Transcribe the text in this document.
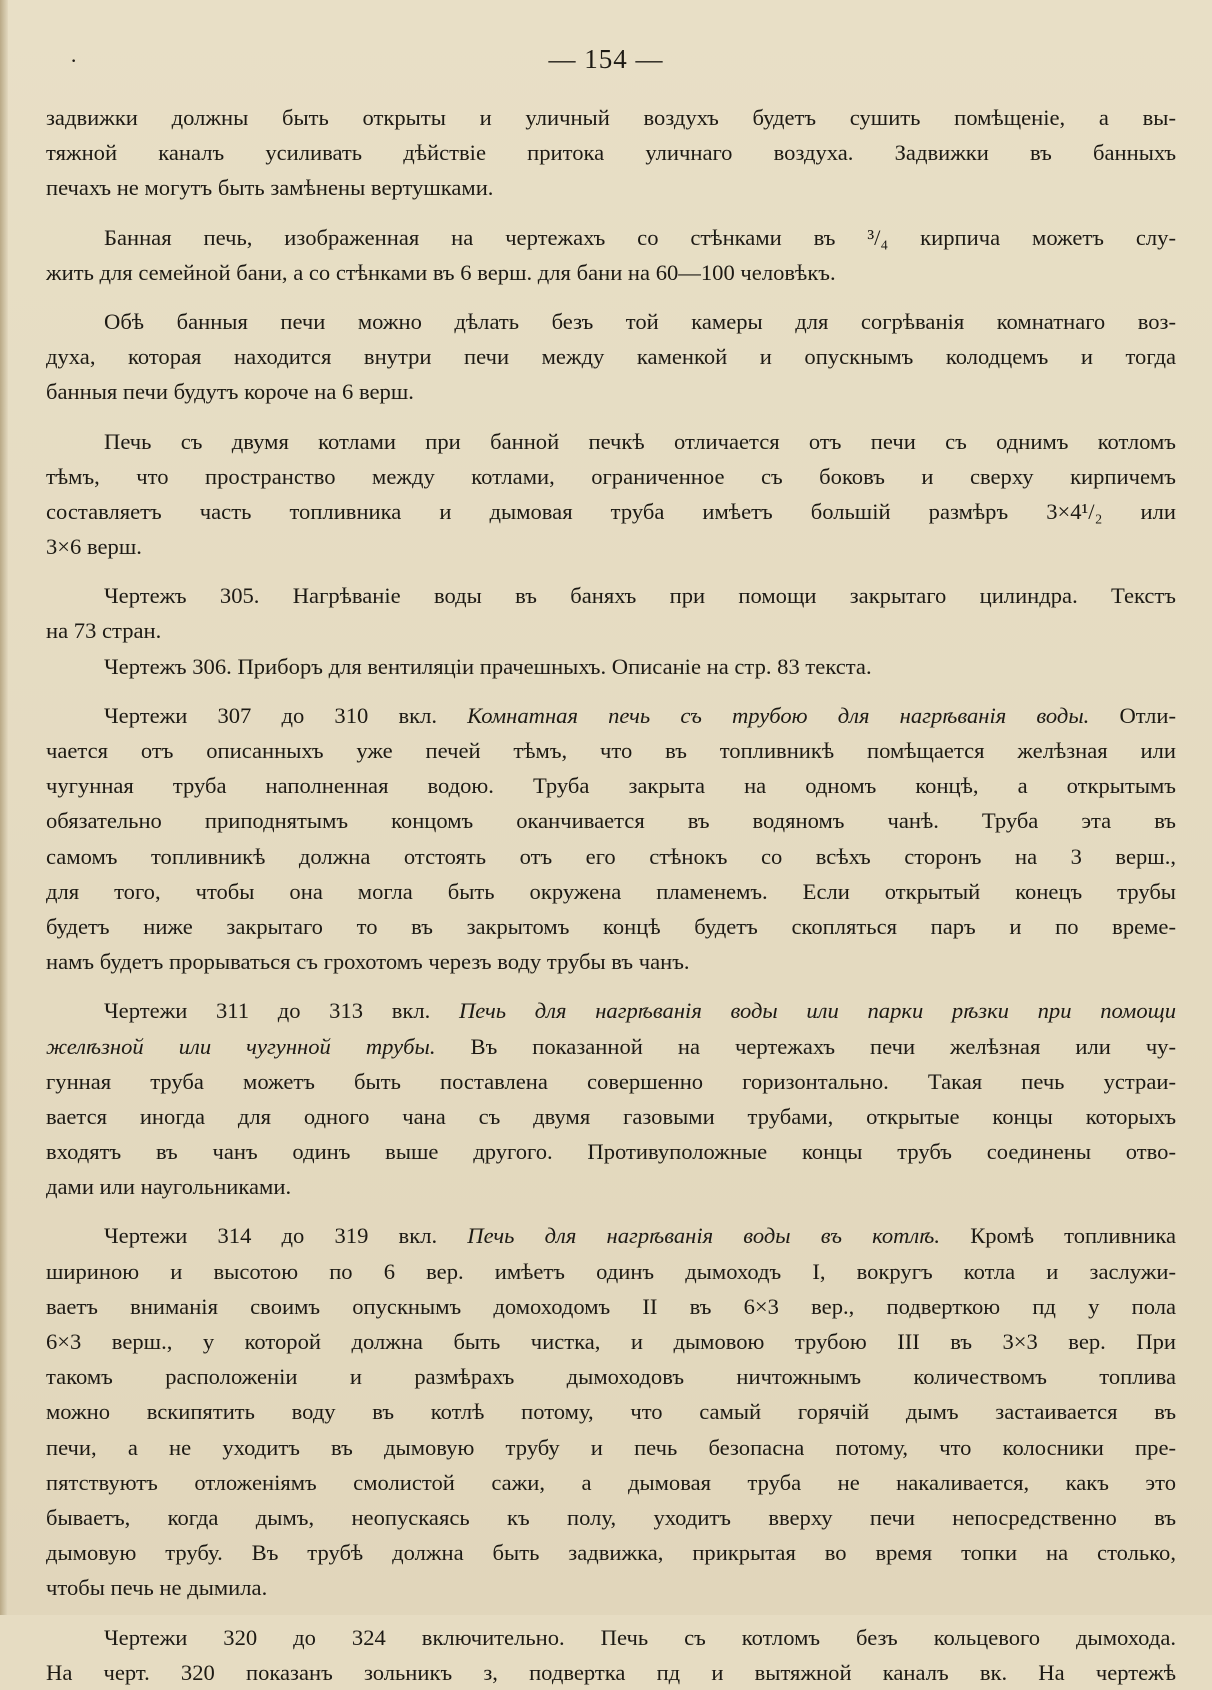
·	— 154 —
задвижки должны быть открыты и уличный воздухъ будетъ сушить помѣщеніе, а вы-
тяжной каналъ усиливать дѣйствіе притока уличнаго воздуха. Задвижки въ банныхъ
печахъ не могутъ быть замѣнены вертушками.
Банная печь, изображенная на чертежахъ со стѣнками въ ³/₄ кирпича можетъ слу-
жить для семейной бани, а со стѣнками въ 6 верш. для бани на 60—100 человѣкъ.
Обѣ банныя печи можно дѣлать безъ той камеры для согрѣванія комнатнаго воз-
духа, которая находится внутри печи между каменкой и опускнымъ колодцемъ и тогда
банныя печи будутъ короче на 6 верш.
Печь съ двумя котлами при банной печкѣ отличается отъ печи съ однимъ котломъ
тѣмъ, что пространство между котлами, ограниченное съ боковъ и сверху кирпичемъ
составляетъ часть топливника и дымовая труба имѣетъ большій размѣръ 3×4¹/₂ или
3×6 верш.
Чертежъ 305. Нагрѣваніе воды въ баняхъ при помощи закрытаго цилиндра. Текстъ
на 73 стран.
Чертежъ 306. Приборъ для вентиляціи прачешныхъ. Описаніе на стр. 83 текста.
Чертежи 307 до 310 вкл. Комнатная печь съ трубою для нагрѣванія воды. Отли-
чается отъ описанныхъ уже печей тѣмъ, что въ топливникѣ помѣщается желѣзная или
чугунная труба наполненная водою. Труба закрыта на одномъ концѣ, а открытымъ
обязательно приподнятымъ концомъ оканчивается въ водяномъ чанѣ. Труба эта въ
самомъ топливникѣ должна отстоять отъ его стѣнокъ со всѣхъ сторонъ на 3 верш.,
для того, чтобы она могла быть окружена пламенемъ. Если открытый конецъ трубы
будетъ ниже закрытаго то въ закрытомъ концѣ будетъ скопляться паръ и по време-
намъ будетъ прорываться съ грохотомъ черезъ воду трубы въ чанъ.
Чертежи 311 до 313 вкл. Печь для нагрѣванія воды или парки рѣзки при помощи
желѣзной или чугунной трубы. Въ показанной на чертежахъ печи желѣзная или чу-
гунная труба можетъ быть поставлена совершенно горизонтально. Такая печь устраи-
вается иногда для одного чана съ двумя газовыми трубами, открытые концы которыхъ
входятъ въ чанъ одинъ выше другого. Противуположные концы трубъ соединены отво-
дами или наугольниками.
Чертежи 314 до 319 вкл. Печь для нагрѣванія воды въ котлѣ. Кромѣ топливника
шириною и высотою по 6 вер. имѣетъ одинъ дымоходъ I, вокругъ котла и заслужи-
ваетъ вниманія своимъ опускнымъ домоходомъ II въ 6×3 вер., подверткою пд у пола
6×3 верш., у которой должна быть чистка, и дымовою трубою III въ 3×3 вер. При
такомъ расположеніи и размѣрахъ дымоходовъ ничтожнымъ количествомъ топлива
можно вскипятить воду въ котлѣ потому, что самый горячій дымъ застаивается въ
печи, а не уходитъ въ дымовую трубу и печь безопасна потому, что колосники пре-
пятствуютъ отложеніямъ смолистой сажи, а дымовая труба не накаливается, какъ это
бываетъ, когда дымъ, неопускаясь къ полу, уходитъ вверху печи непосредственно въ
дымовую трубу. Въ трубѣ должна быть задвижка, прикрытая во время топки на столько,
чтобы печь не дымила.
Чертежи 320 до 324 включительно. Печь съ котломъ безъ кольцевого дымохода.
На черт. 320 показанъ зольникъ з, подвертка пд и вытяжной каналъ вк. На чертежѣ
